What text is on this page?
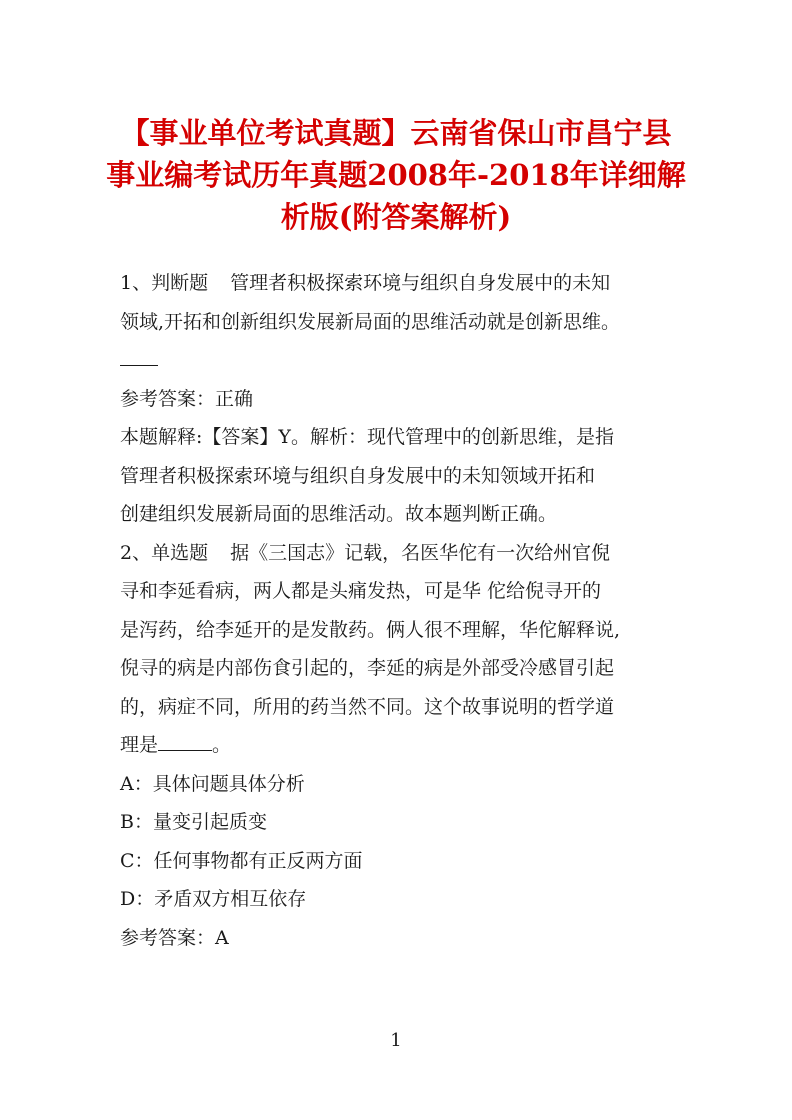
【事业单位考试真题】云南省保山市昌宁县
事业编考试历年真题2008年-2018年详细解
析版(附答案解析)

1、判断题 管理者积极探索环境与组织自身发展中的未知

领域,开拓和创新组织发展新局面的思维活动就是创新思维。

参考答案：正确

本题解释:【答案】Y。解析：现代管理中的创新思维，是指

管理者积极探索环境与组织自身发展中的未知领域开拓和

创建组织发展新局面的思维活动。故本题判断正确。

2、单选题 据《三国志》记载，名医华佗有一次给州官倪

寻和李延看病，两人都是头痛发热，可是华 佗给倪寻开的

是泻药，给李延开的是发散药。俩人很不理解，华佗解释说,

倪寻的病是内部伤食引起的，李延的病是外部受冷感冒引起

的，病症不同，所用的药当然不同。这个故事说明的哲学道

理是	。

A：具体问题具体分析

B：量变引起质变

C：任何事物都有正反两方面

D：矛盾双方相互依存

参考答案：A

1
